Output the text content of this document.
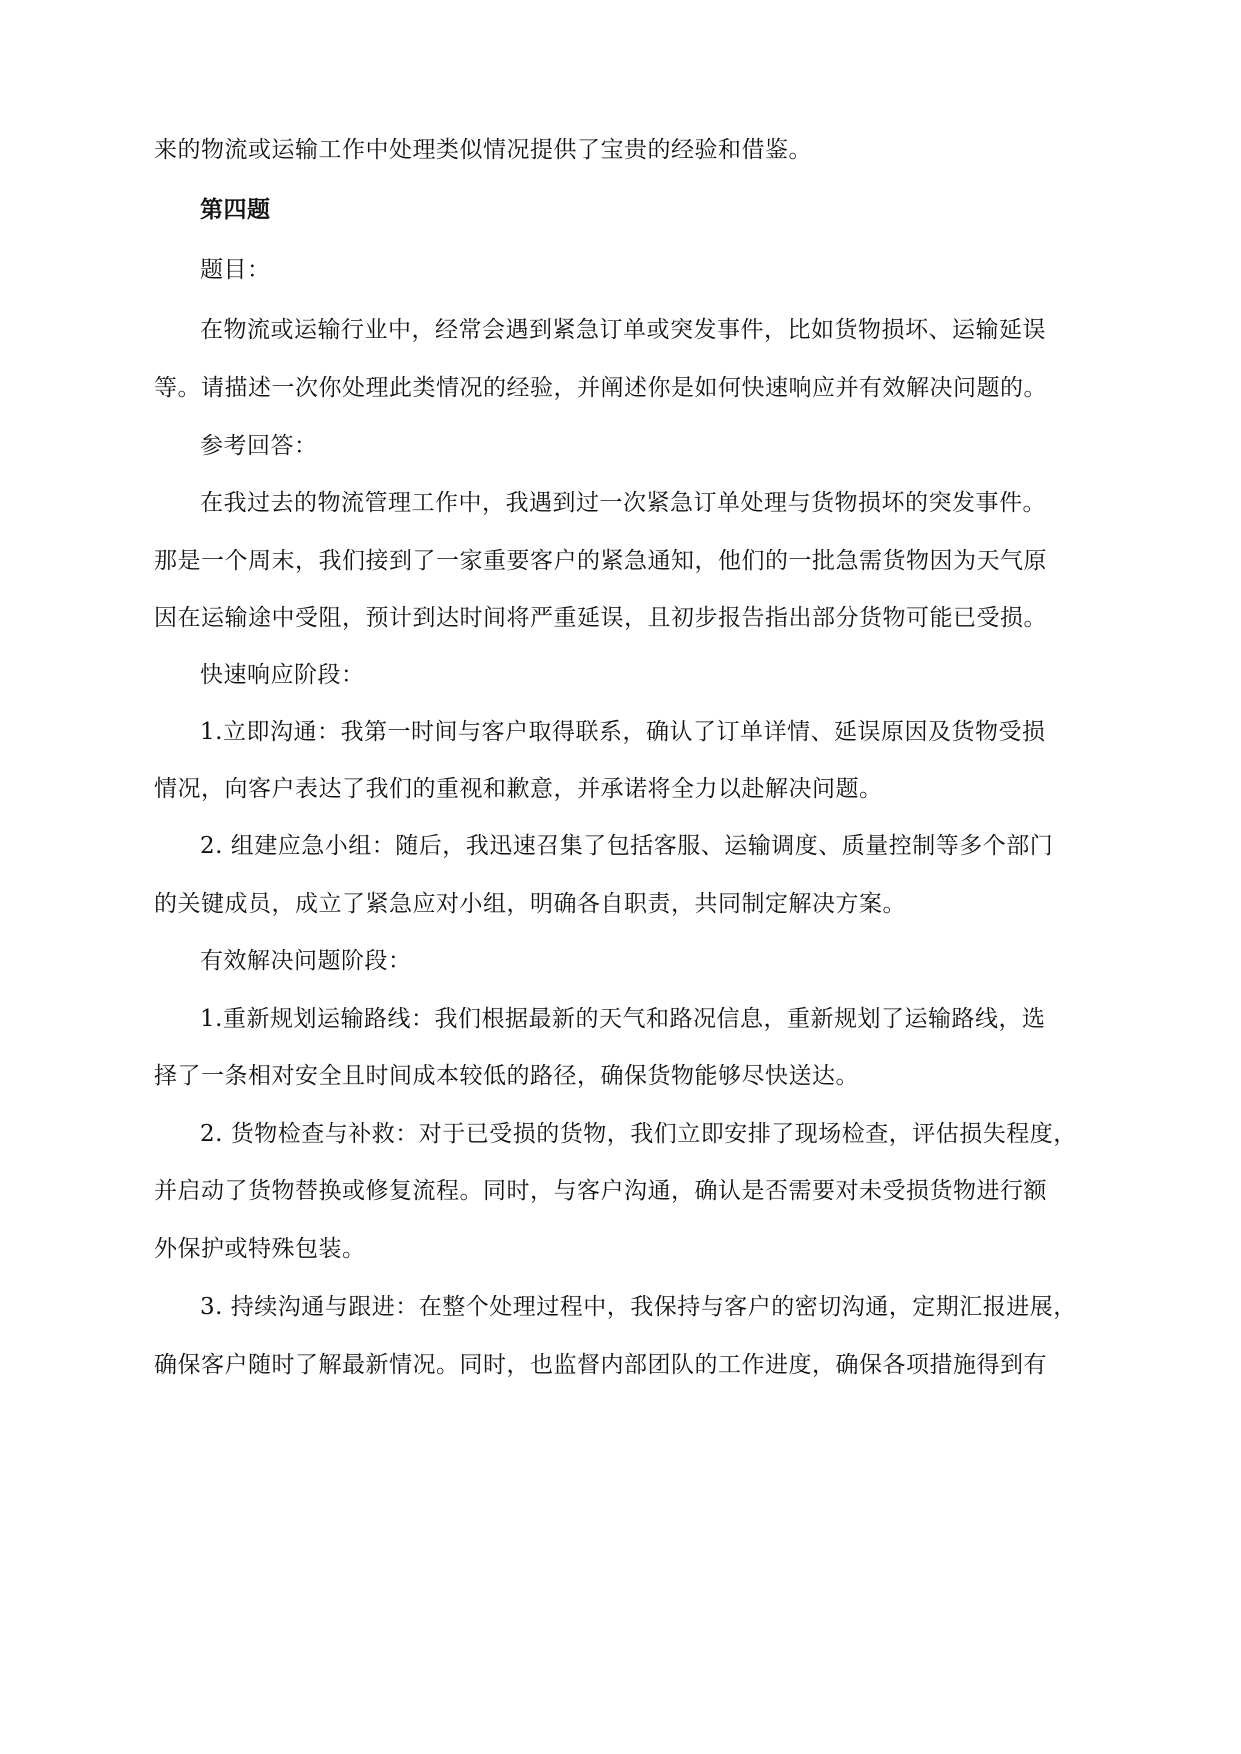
来的物流或运输工作中处理类似情况提供了宝贵的经验和借鉴。
第四题
题目：
在物流或运输行业中，经常会遇到紧急订单或突发事件，比如货物损坏、运输延误
等。请描述一次你处理此类情况的经验，并阐述你是如何快速响应并有效解决问题的。
参考回答：
在我过去的物流管理工作中，我遇到过一次紧急订单处理与货物损坏的突发事件。
那是一个周末，我们接到了一家重要客户的紧急通知，他们的一批急需货物因为天气原
因在运输途中受阻，预计到达时间将严重延误，且初步报告指出部分货物可能已受损。
快速响应阶段：
1.立即沟通：我第一时间与客户取得联系，确认了订单详情、延误原因及货物受损
情况，向客户表达了我们的重视和歉意，并承诺将全力以赴解决问题。
2. 组建应急小组：随后，我迅速召集了包括客服、运输调度、质量控制等多个部门
的关键成员，成立了紧急应对小组，明确各自职责，共同制定解决方案。
有效解决问题阶段：
1.重新规划运输路线：我们根据最新的天气和路况信息，重新规划了运输路线，选
择了一条相对安全且时间成本较低的路径，确保货物能够尽快送达。
2. 货物检查与补救：对于已受损的货物，我们立即安排了现场检查，评估损失程度，
并启动了货物替换或修复流程。同时，与客户沟通，确认是否需要对未受损货物进行额
外保护或特殊包装。
3. 持续沟通与跟进：在整个处理过程中，我保持与客户的密切沟通，定期汇报进展，
确保客户随时了解最新情况。同时，也监督内部团队的工作进度，确保各项措施得到有
